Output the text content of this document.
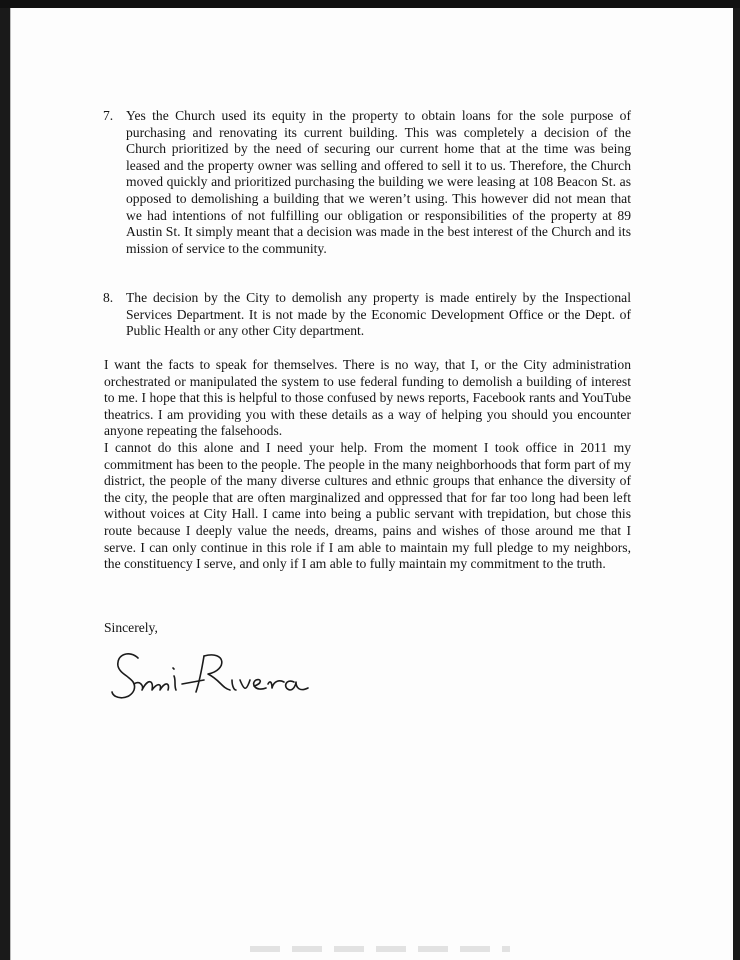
7. Yes the Church used its equity in the property to obtain loans for the sole purpose of purchasing and renovating its current building. This was completely a decision of the Church prioritized by the need of securing our current home that at the time was being leased and the property owner was selling and offered to sell it to us. Therefore, the Church moved quickly and prioritized purchasing the building we were leasing at 108 Beacon St. as opposed to demolishing a building that we weren’t using. This however did not mean that we had intentions of not fulfilling our obligation or responsibilities of the property at 89 Austin St. It simply meant that a decision was made in the best interest of the Church and its mission of service to the community.
8. The decision by the City to demolish any property is made entirely by the Inspectional Services Department. It is not made by the Economic Development Office or the Dept. of Public Health or any other City department.
I want the facts to speak for themselves. There is no way, that I, or the City administration orchestrated or manipulated the system to use federal funding to demolish a building of interest to me. I hope that this is helpful to those confused by news reports, Facebook rants and YouTube theatrics. I am providing you with these details as a way of helping you should you encounter anyone repeating the falsehoods.
I cannot do this alone and I need your help. From the moment I took office in 2011 my commitment has been to the people. The people in the many neighborhoods that form part of my district, the people of the many diverse cultures and ethnic groups that enhance the diversity of the city, the people that are often marginalized and oppressed that for far too long had been left without voices at City Hall. I came into being a public servant with trepidation, but chose this route because I deeply value the needs, dreams, pains and wishes of those around me that I serve. I can only continue in this role if I am able to maintain my full pledge to my neighbors, the constituency I serve, and only if I am able to fully maintain my commitment to the truth.
Sincerely,
